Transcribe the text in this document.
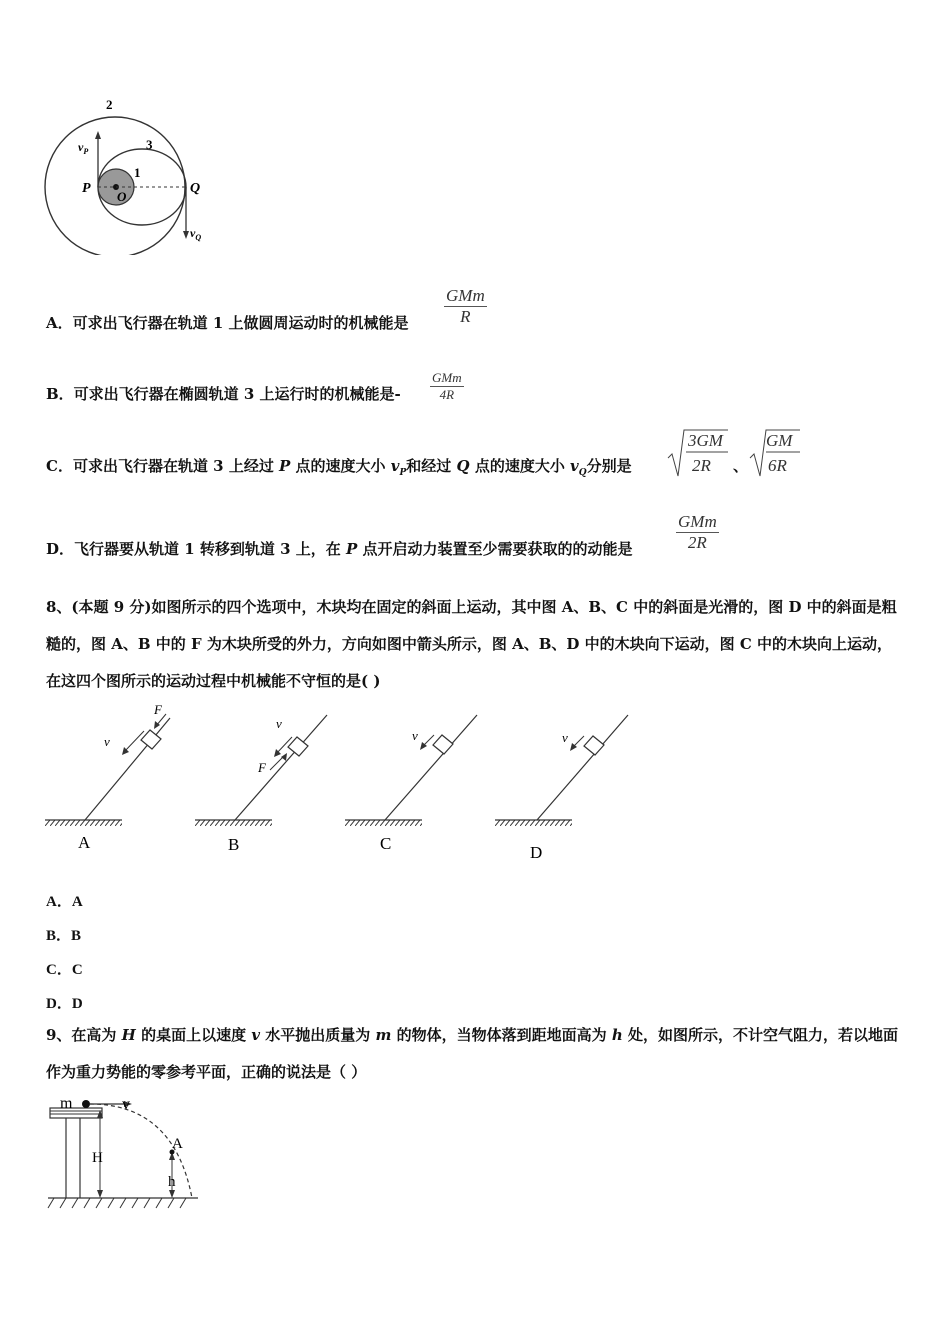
2
3
1
$v_P$
P
O
Q
$v_Q$
A．可求出飞行器在轨道 1 上做圆周运动时的机械能是
GMm
R
B．可求出飞行器在椭圆轨道 3 上运行时的机械能是-
GMm
4R
C．可求出飞行器在轨道 3 上经过 P 点的速度大小 $v_P$和经过 Q 点的速度大小 $v_Q$分别是
3GM
2R 、
GM
6R
D．飞行器要从轨道 1 转移到轨道 3 上，在 P 点开启动力装置至少需要获取的的动能是
GMm
2R
8、(本题 9 分)如图所示的四个选项中，木块均在固定的斜面上运动，其中图 A、B、C 中的斜面是光滑的，图 D 中的斜面是粗糙的，图 A、B 中的 F 为木块所受的外力，方向如图中箭头所示，图 A、B、D 中的木块向下运动，图 C 中的木块向上运动，在这四个图所示的运动过程中机械能不守恒的是( )
v
F
A
v
F
B
v
C
v
D
A．A
B．B
C．C
D．D
9、在高为 H 的桌面上以速度 v 水平抛出质量为 m 的物体，当物体落到距地面高为 h 处，如图所示，不计空气阻力，若以地面作为重力势能的零参考平面，正确的说法是（ ）
m	v
H
A
h
